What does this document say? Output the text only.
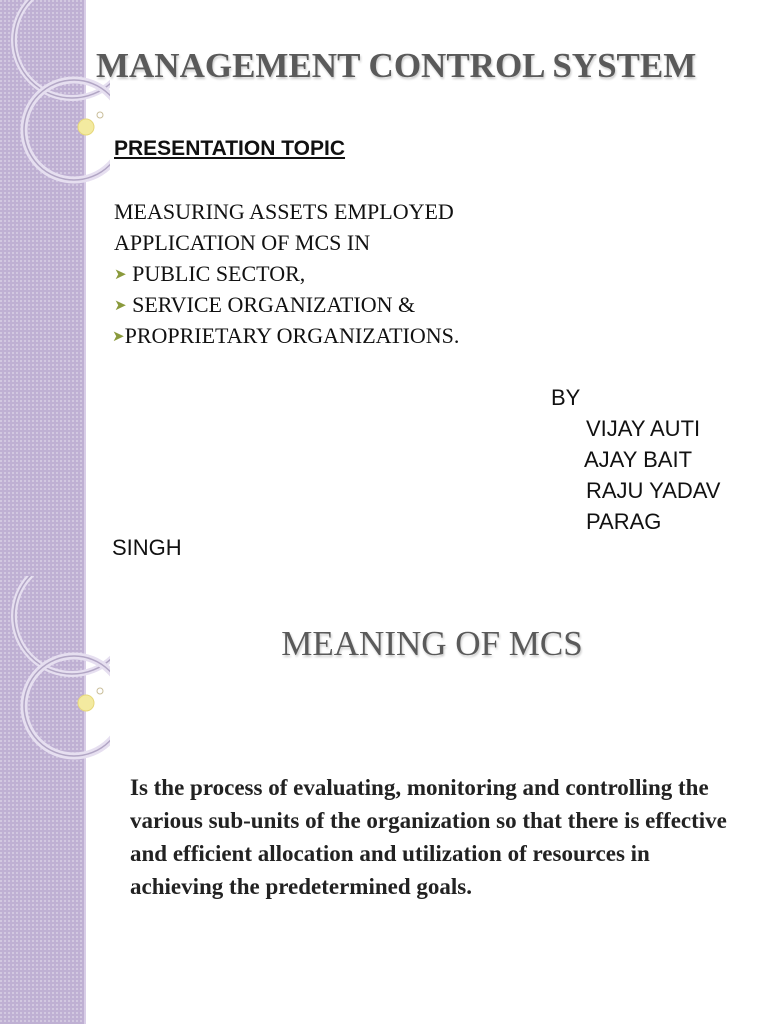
MANAGEMENT CONTROL SYSTEM
PRESENTATION TOPIC
MEASURING ASSETS EMPLOYED
APPLICATION OF MCS IN
➤ PUBLIC SECTOR,
➤ SERVICE ORGANIZATION &
➤PROPRIETARY ORGANIZATIONS.
BY
VIJAY AUTI
AJAY BAIT
RAJU YADAV
PARAG
SINGH
MEANING OF MCS
Is the process of evaluating, monitoring and controlling the various sub-units of the organization so that there is effective and efficient allocation and utilization of resources in achieving the predetermined goals.
